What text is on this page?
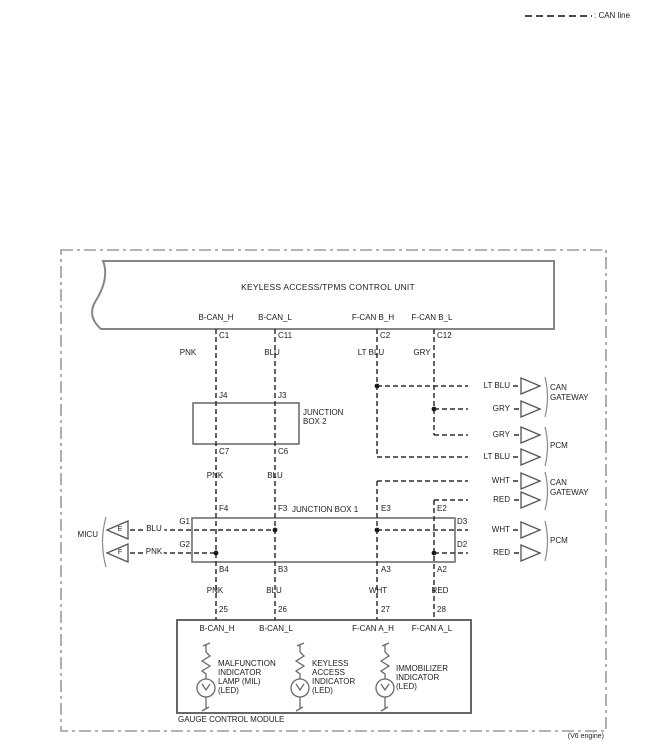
: CAN line
KEYLESS ACCESS/TPMS CONTROL UNIT
B-CAN_H	B-CAN_L	F-CAN B_H F-CAN B_L
C1	C11	C2	C12
PNK	BLU	LT BLU	GRY
J4	J3
JUNCTION
BOX 2
C7	C6
PNK	BLU
F4	F3 JUNCTION BOX 1	E3	E2
G1
G2
D3
D2
B4	B3	A3	A2
MICU
E
F
BLU
PNK
LT BLU
GRY
GRY
LT BLU
WHT
RED
WHT
RED
CAN
GATEWAY
PCM
CAN
GATEWAY
PCM
PNK	BLU	WHT	RED
25	26	27	28
B-CAN_H	B-CAN_L	F-CAN A_H F-CAN A_L
MALFUNCTION
INDICATOR
LAMP (MIL)
(LED)
KEYLESS
ACCESS
INDICATOR
(LED)
IMMOBILIZER
INDICATOR
(LED)
GAUGE CONTROL MODULE
(V6 engine)
